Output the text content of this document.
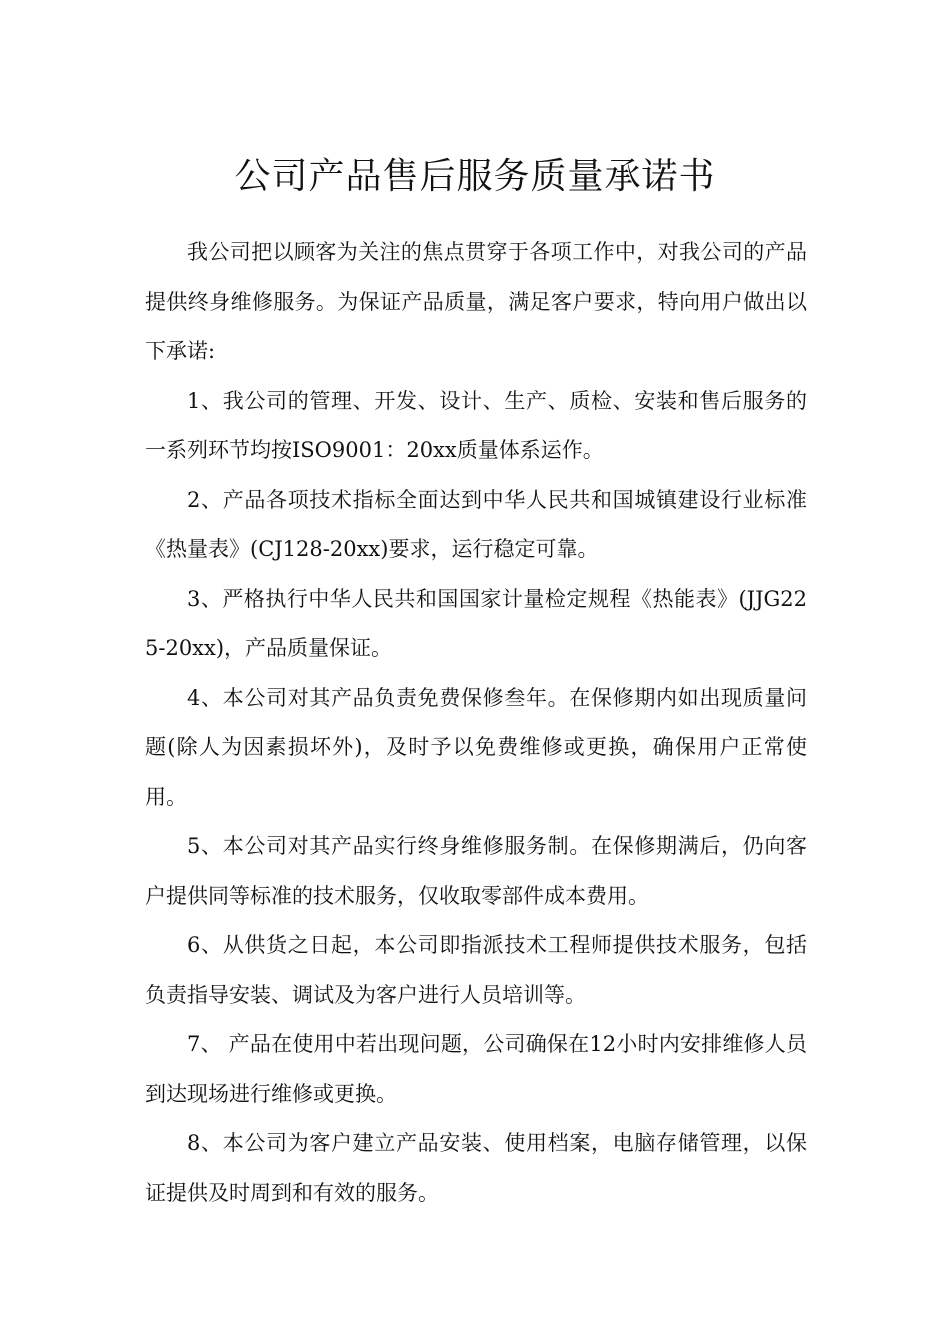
公司产品售后服务质量承诺书

我公司把以顾客为关注的焦点贯穿于各项工作中，对我公司的产品提供终身维修服务。为保证产品质量，满足客户要求，特向用户做出以下承诺:

1、我公司的管理、开发、设计、生产、质检、安装和售后服务的一系列环节均按ISO9001：20xx质量体系运作。

2、产品各项技术指标全面达到中华人民共和国城镇建设行业标准《热量表》(CJ128-20xx)要求，运行稳定可靠。

3、严格执行中华人民共和国国家计量检定规程《热能表》(JJG225-20xx)，产品质量保证。

4、本公司对其产品负责免费保修叁年。在保修期内如出现质量问题(除人为因素损坏外)，及时予以免费维修或更换，确保用户正常使用。

5、本公司对其产品实行终身维修服务制。在保修期满后，仍向客户提供同等标准的技术服务，仅收取零部件成本费用。

6、从供货之日起，本公司即指派技术工程师提供技术服务，包括负责指导安装、调试及为客户进行人员培训等。

7、 产品在使用中若出现问题，公司确保在12小时内安排维修人员到达现场进行维修或更换。

8、本公司为客户建立产品安装、使用档案，电脑存储管理，以保证提供及时周到和有效的服务。
